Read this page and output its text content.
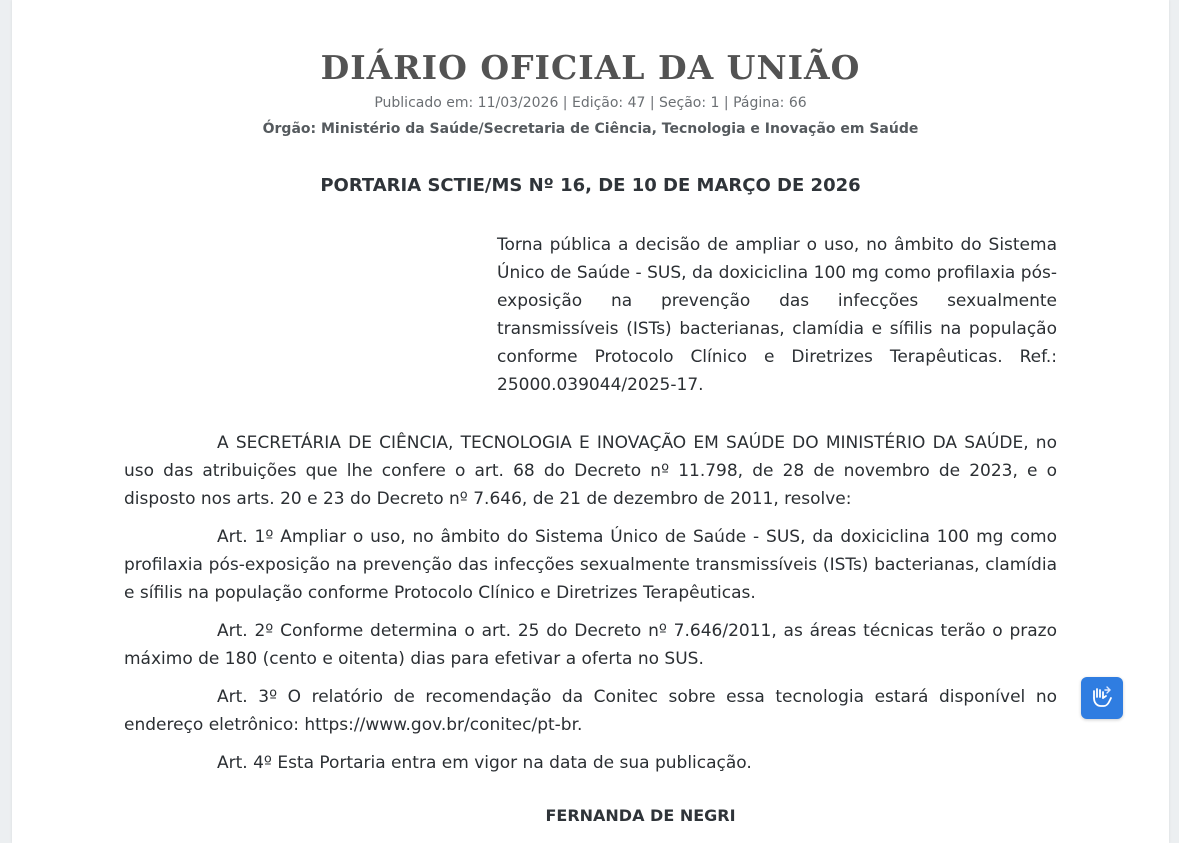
DIÁRIO OFICIAL DA UNIÃO
Publicado em: 11/03/2026 | Edição: 47 | Seção: 1 | Página: 66
Órgão: Ministério da Saúde/Secretaria de Ciência, Tecnologia e Inovação em Saúde
PORTARIA SCTIE/MS Nº 16, DE 10 DE MARÇO DE 2026
Torna pública a decisão de ampliar o uso, no âmbito do Sistema Único de Saúde - SUS, da doxiciclina 100 mg como profilaxia pós-exposição na prevenção das infecções sexualmente transmissíveis (ISTs) bacterianas, clamídia e sífilis na população conforme Protocolo Clínico e Diretrizes Terapêuticas. Ref.: 25000.039044/2025-17.

A SECRETÁRIA DE CIÊNCIA, TECNOLOGIA E INOVAÇÃO EM SAÚDE DO MINISTÉRIO DA SAÚDE, no uso das atribuições que lhe confere o art. 68 do Decreto nº 11.798, de 28 de novembro de 2023, e o disposto nos arts. 20 e 23 do Decreto nº 7.646, de 21 de dezembro de 2011, resolve:

Art. 1º Ampliar o uso, no âmbito do Sistema Único de Saúde - SUS, da doxiciclina 100 mg como profilaxia pós-exposição na prevenção das infecções sexualmente transmissíveis (ISTs) bacterianas, clamídia e sífilis na população conforme Protocolo Clínico e Diretrizes Terapêuticas.

Art. 2º Conforme determina o art. 25 do Decreto nº 7.646/2011, as áreas técnicas terão o prazo máximo de 180 (cento e oitenta) dias para efetivar a oferta no SUS.

Art. 3º O relatório de recomendação da Conitec sobre essa tecnologia estará disponível no endereço eletrônico: https://www.gov.br/conitec/pt-br.

Art. 4º Esta Portaria entra em vigor na data de sua publicação.

FERNANDA DE NEGRI
